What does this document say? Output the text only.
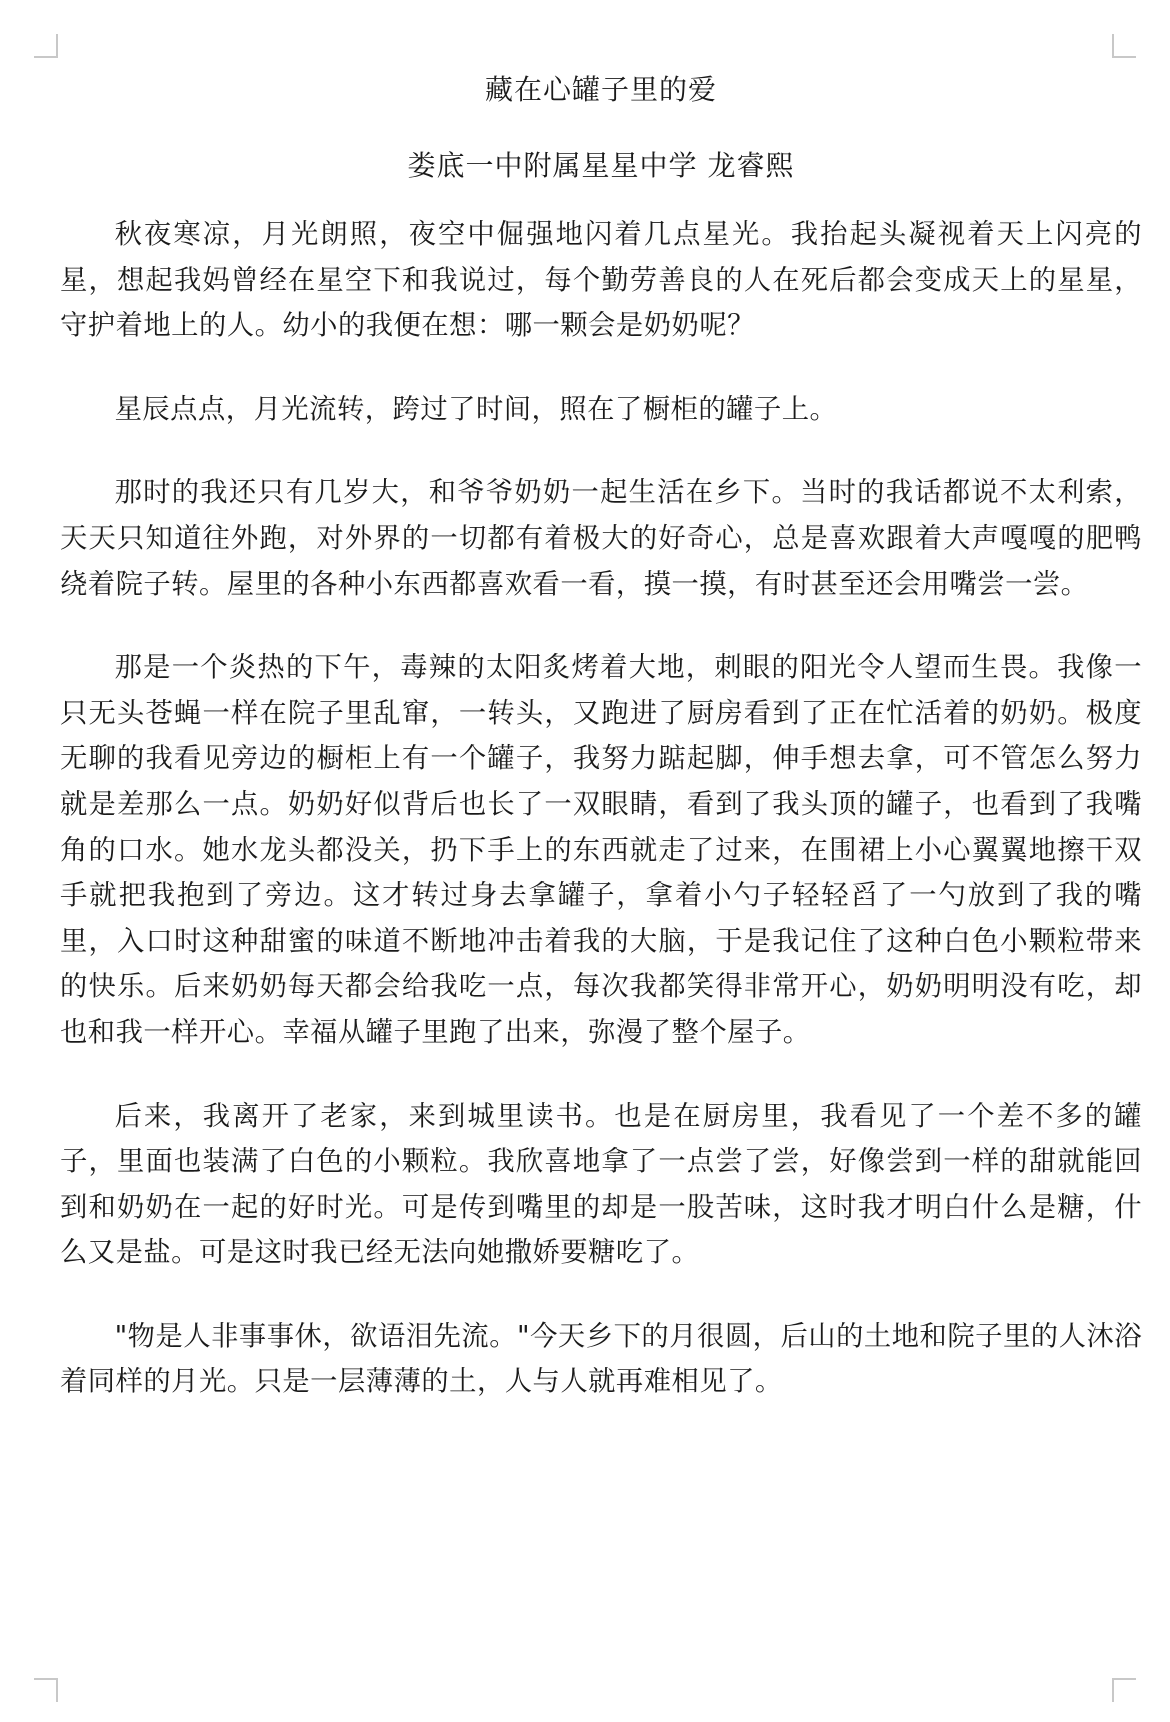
藏在心罐子里的爱
娄底一中附属星星中学 龙睿熙

秋夜寒凉，月光朗照，夜空中倔强地闪着几点星光。我抬起头凝视着天上闪亮的星，想起我妈曾经在星空下和我说过，每个勤劳善良的人在死后都会变成天上的星星，守护着地上的人。幼小的我便在想：哪一颗会是奶奶呢？

星辰点点，月光流转，跨过了时间，照在了橱柜的罐子上。

那时的我还只有几岁大，和爷爷奶奶一起生活在乡下。当时的我话都说不太利索，天天只知道往外跑，对外界的一切都有着极大的好奇心，总是喜欢跟着大声嘎嘎的肥鸭绕着院子转。屋里的各种小东西都喜欢看一看，摸一摸，有时甚至还会用嘴尝一尝。

那是一个炎热的下午，毒辣的太阳炙烤着大地，刺眼的阳光令人望而生畏。我像一只无头苍蝇一样在院子里乱窜，一转头，又跑进了厨房看到了正在忙活着的奶奶。极度无聊的我看见旁边的橱柜上有一个罐子，我努力踮起脚，伸手想去拿，可不管怎么努力就是差那么一点。奶奶好似背后也长了一双眼睛，看到了我头顶的罐子，也看到了我嘴角的口水。她水龙头都没关，扔下手上的东西就走了过来，在围裙上小心翼翼地擦干双手就把我抱到了旁边。这才转过身去拿罐子，拿着小勺子轻轻舀了一勺放到了我的嘴里，入口时这种甜蜜的味道不断地冲击着我的大脑，于是我记住了这种白色小颗粒带来的快乐。后来奶奶每天都会给我吃一点，每次我都笑得非常开心，奶奶明明没有吃，却也和我一样开心。幸福从罐子里跑了出来，弥漫了整个屋子。

后来，我离开了老家，来到城里读书。也是在厨房里，我看见了一个差不多的罐子，里面也装满了白色的小颗粒。我欣喜地拿了一点尝了尝，好像尝到一样的甜就能回到和奶奶在一起的好时光。可是传到嘴里的却是一股苦味，这时我才明白什么是糖，什么又是盐。可是这时我已经无法向她撒娇要糖吃了。

"物是人非事事休，欲语泪先流。"今天乡下的月很圆，后山的土地和院子里的人沐浴着同样的月光。只是一层薄薄的土，人与人就再难相见了。
